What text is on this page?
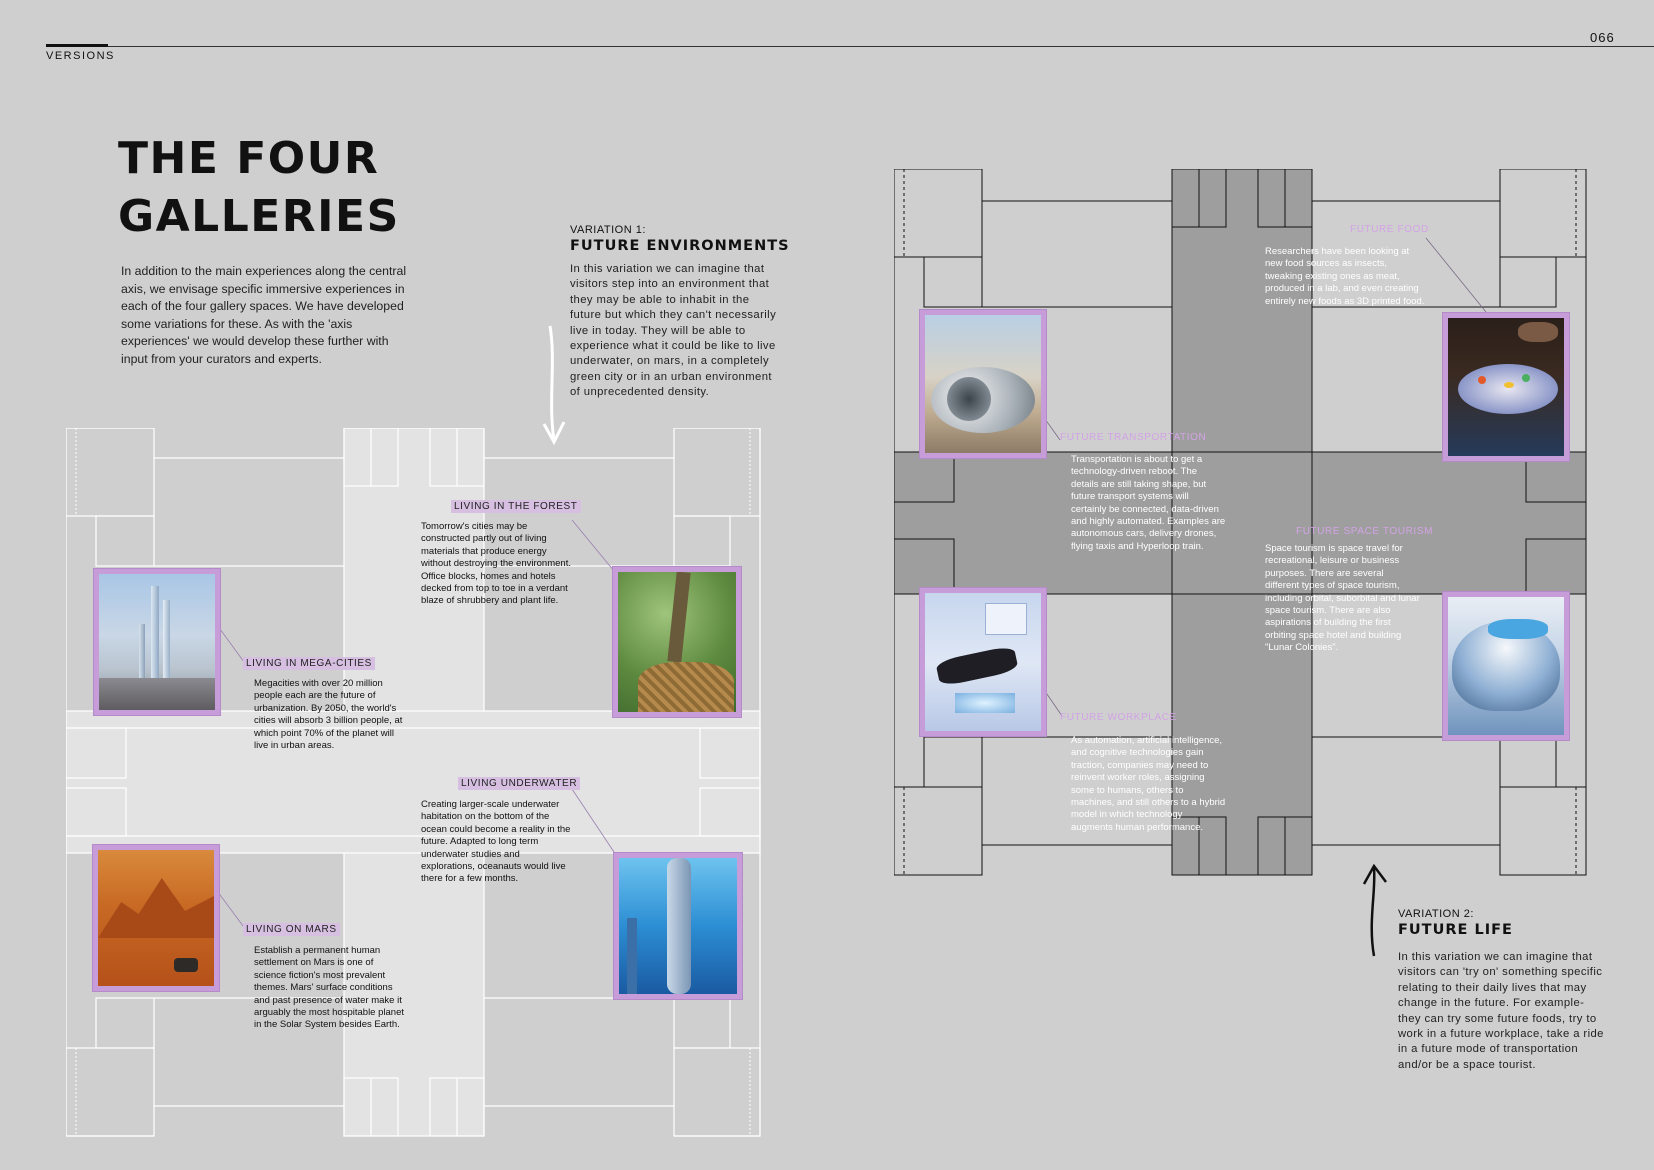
VERSIONS
066
THE FOUR
GALLERIES
In addition to the main experiences along the central axis, we envisage specific immersive experiences in each of the four gallery spaces. We have developed some variations for these. As with the 'axis experiences' we would develop these further with input from your curators and experts.
VARIATION 1:
FUTURE ENVIRONMENTS
In this variation we can imagine that visitors step into an environment that they may be able to inhabit in the future but which they can't necessarily live in today. They will be able to experience what it could be like to live underwater, on mars, in a completely green city or in an urban environment of unprecedented density.
LIVING IN MEGA-CITIES
Megacities with over 20 million people each are the future of urbanization. By 2050, the world's cities will absorb 3 billion people, at which point 70% of the planet will live in urban areas.
LIVING IN THE FOREST
Tomorrow's cities may be constructed partly out of living materials that produce energy without destroying the environment. Office blocks, homes and hotels decked from top to toe in a verdant blaze of shrubbery and plant life.
LIVING UNDERWATER
Creating larger-scale underwater habitation on the bottom of the ocean could become a reality in the future. Adapted to long term underwater studies and explorations, oceanauts would live there for a few months.
LIVING ON MARS
Establish a permanent human settlement on Mars is one of science fiction's most prevalent themes. Mars' surface conditions and past presence of water make it arguably the most hospitable planet in the Solar System besides Earth.
FUTURE FOOD
Researchers have been looking at new food sources as insects, tweaking existing ones as meat, produced in a lab, and even creating entirely new foods as 3D printed food.
FUTURE TRANSPORTATION
Transportation is about to get a technology-driven reboot. The details are still taking shape, but future transport systems will certainly be connected, data-driven and highly automated. Examples are autonomous cars, delivery drones, flying taxis and Hyperloop train.
FUTURE SPACE TOURISM
Space tourism is space travel for recreational, leisure or business purposes. There are several different types of space tourism, including orbital, suborbital and lunar space tourism. There are also aspirations of building the first orbiting space hotel and building "Lunar Colonies".
FUTURE WORKPLACE
As automation, artificial intelligence, and cognitive technologies gain traction, companies may need to reinvent worker roles, assigning some to humans, others to machines, and still others to a hybrid model in which technology augments human performance.
VARIATION 2:
FUTURE LIFE
In this variation we can imagine that visitors can 'try on' something specific relating to their daily lives that may change in the future. For example- they can try some future foods, try to work in a future workplace, take a ride in a future mode of transportation and/or be a space tourist.
